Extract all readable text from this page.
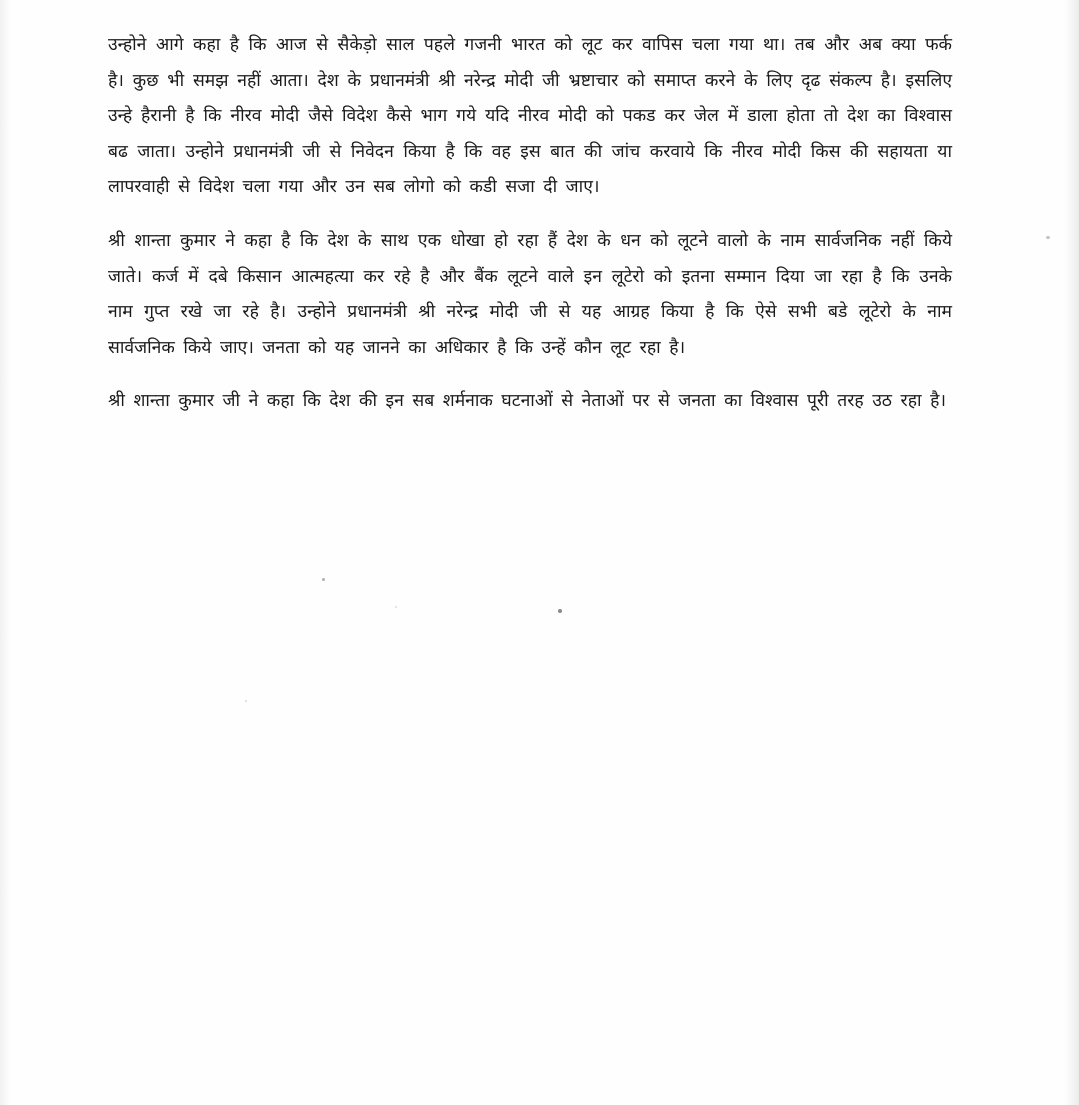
उन्होने आगे कहा है कि आज से सैकेड़ो साल पहले गजनी भारत को लूट कर वापिस चला गया था। तब और अब क्या फर्क है। कुछ भी समझ नहीं आता। देश के प्रधानमंत्री श्री नरेन्द्र मोदी जी भ्रष्टाचार को समाप्त करने के लिए दृढ संकल्प है। इसलिए उन्हे हैरानी है कि नीरव मोदी जैसे विदेश कैसे भाग गये यदि नीरव मोदी को पकड कर जेल में डाला होता तो देश का विश्वास बढ जाता। उन्होने प्रधानमंत्री जी से निवेदन किया है कि वह इस बात की जांच करवाये कि नीरव मोदी किस की सहायता या लापरवाही से विदेश चला गया और उन सब लोगो को कडी सजा दी जाए।

श्री शान्ता कुमार ने कहा है कि देश के साथ एक धोखा हो रहा हैं देश के धन को लूटने वालो के नाम सार्वजनिक नहीं किये जाते। कर्ज में दबे किसान आत्महत्या कर रहे है और बैंक लूटने वाले इन लूटेरो को इतना सम्मान दिया जा रहा है कि उनके नाम गुप्त रखे जा रहे है। उन्होने प्रधानमंत्री श्री नरेन्द्र मोदी जी से यह आग्रह किया है कि ऐसे सभी बडे लूटेरो के नाम सार्वजनिक किये जाए। जनता को यह जानने का अधिकार है कि उन्हें कौन लूट रहा है।

श्री शान्ता कुमार जी ने कहा कि देश की इन सब शर्मनाक घटनाओं से नेताओं पर से जनता का विश्वास पूरी तरह उठ रहा है।
